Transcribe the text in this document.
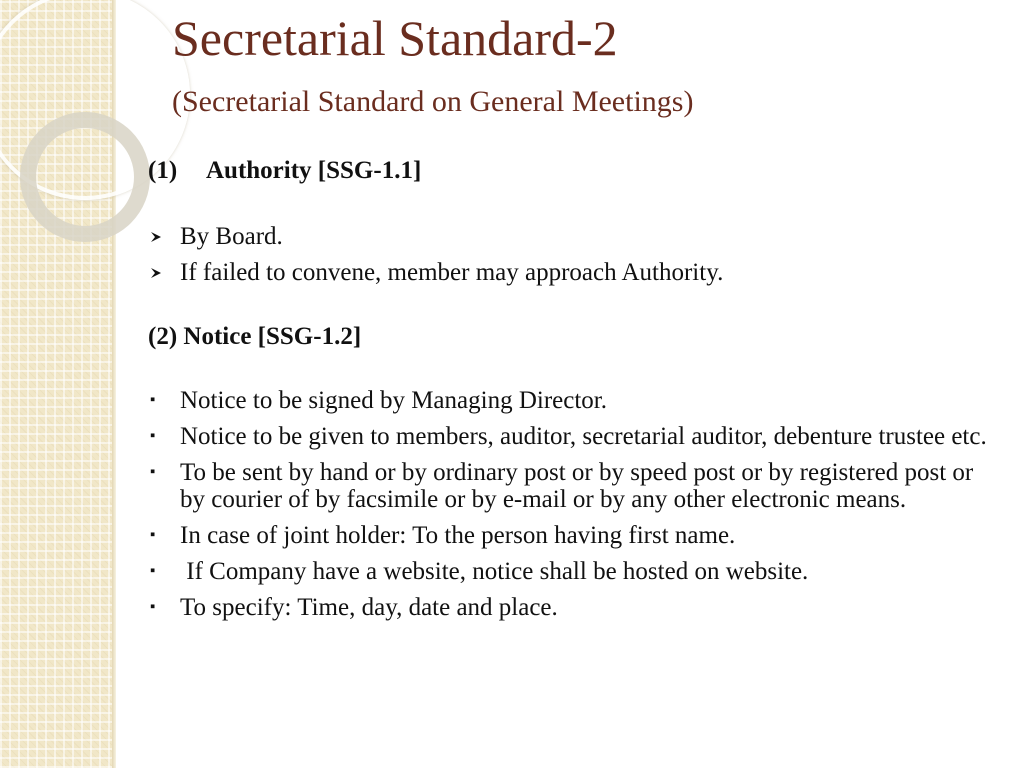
Secretarial Standard-2
(Secretarial Standard on General Meetings)
(1)	Authority [SSG-1.1]
By Board.
If failed to convene, member may approach Authority.
(2) Notice [SSG-1.2]
▪ Notice to be signed by Managing Director.
▪ Notice to be given to members, auditor, secretarial auditor, debenture trustee etc.
▪ To be sent by hand or by ordinary post or by speed post or by registered post or by courier of by facsimile or by e-mail or by any other electronic means.
▪ In case of joint holder: To the person having first name.
▪ If Company have a website, notice shall be hosted on website.
▪ To specify: Time, day, date and place.
